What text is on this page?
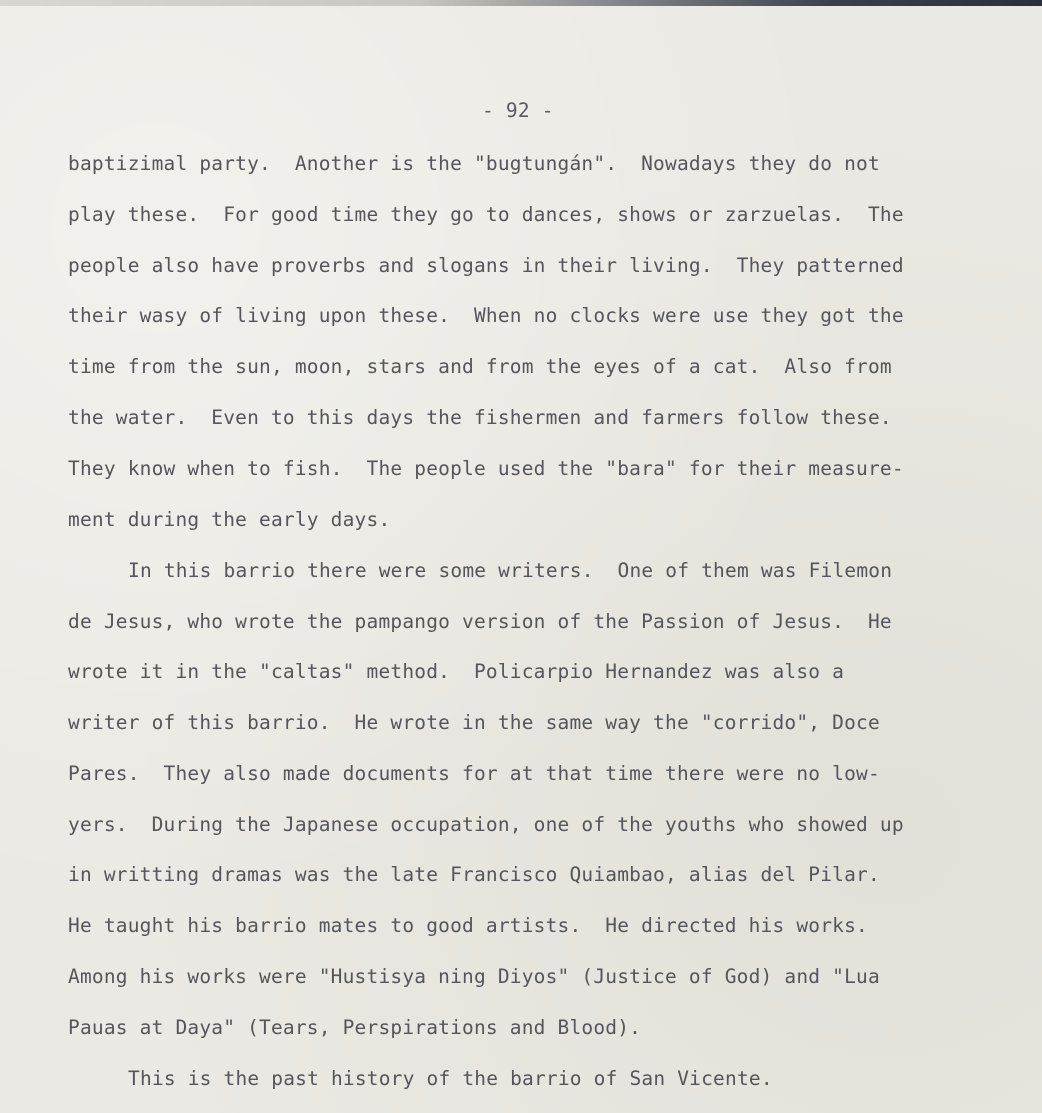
- 92 -
baptizimal party.  Another is the "bugtungán".  Nowadays they do not
play these.  For good time they go to dances, shows or zarzuelas.  The
people also have proverbs and slogans in their living.  They patterned
their wasy of living upon these.  When no clocks were use they got the
time from the sun, moon, stars and from the eyes of a cat.  Also from
the water.  Even to this days the fishermen and farmers follow these.
They know when to fish.  The people used the "bara" for their measure-
ment during the early days.
In this barrio there were some writers.  One of them was Filemon
de Jesus, who wrote the pampango version of the Passion of Jesus.  He
wrote it in the "caltas" method.  Policarpio Hernandez was also a
writer of this barrio.  He wrote in the same way the "corrido", Doce
Pares.  They also made documents for at that time there were no low-
yers.  During the Japanese occupation, one of the youths who showed up
in writting dramas was the late Francisco Quiambao, alias del Pilar.
He taught his barrio mates to good artists.  He directed his works.
Among his works were "Hustisya ning Diyos" (Justice of God) and "Lua
Pauas at Daya" (Tears, Perspirations and Blood).
This is the past history of the barrio of San Vicente.
